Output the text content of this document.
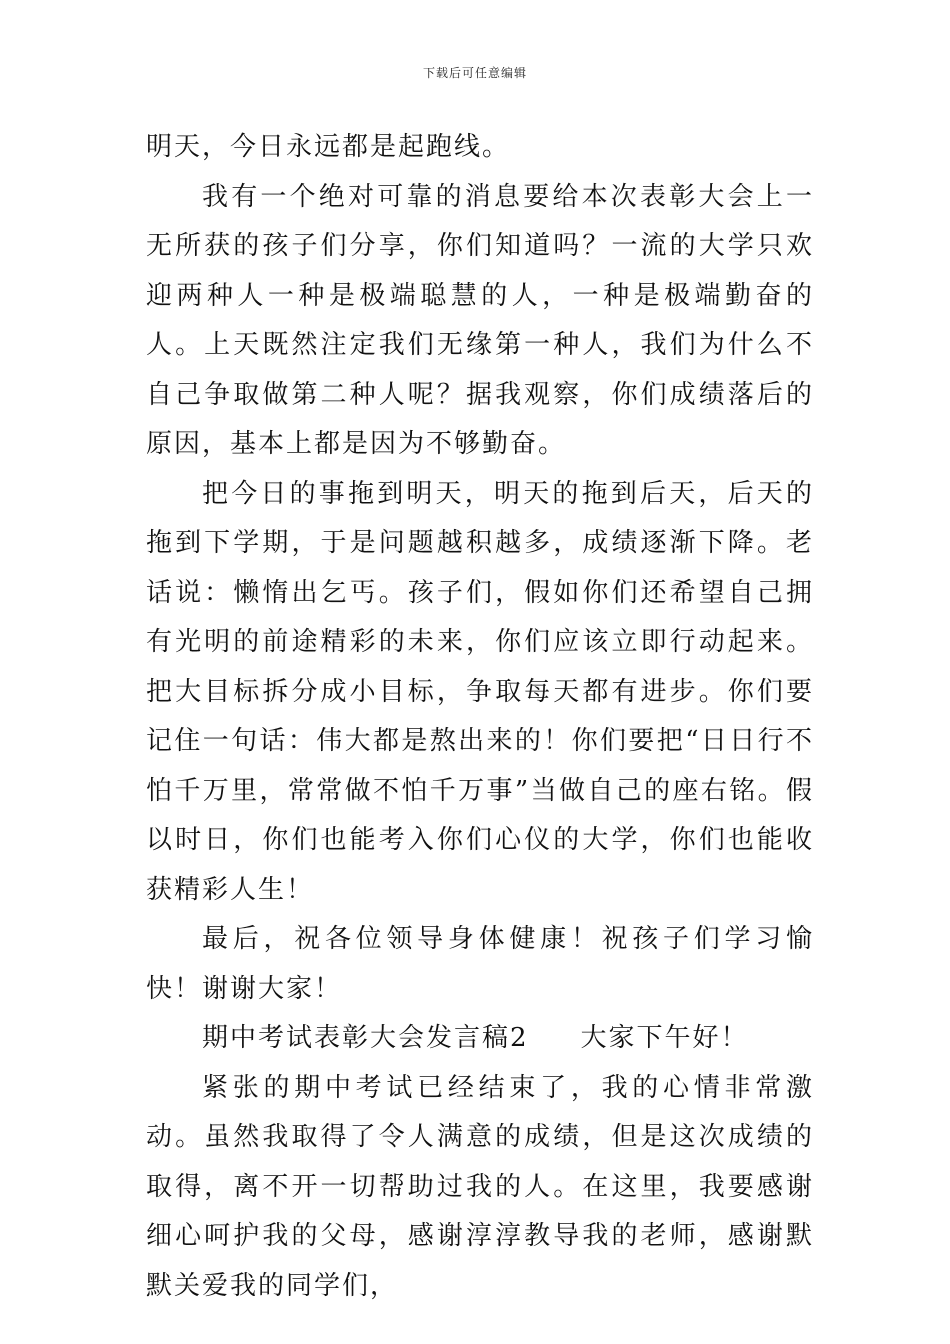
下载后可任意编辑

明天，今日永远都是起跑线。

我有一个绝对可靠的消息要给本次表彰大会上一无所获的孩子们分享，你们知道吗？一流的大学只欢迎两种人一种是极端聪慧的人，一种是极端勤奋的人。上天既然注定我们无缘第一种人，我们为什么不自己争取做第二种人呢？据我观察，你们成绩落后的原因，基本上都是因为不够勤奋。

把今日的事拖到明天，明天的拖到后天，后天的拖到下学期，于是问题越积越多，成绩逐渐下降。老话说：懒惰出乞丐。孩子们，假如你们还希望自己拥有光明的前途精彩的未来，你们应该立即行动起来。把大目标拆分成小目标，争取每天都有进步。你们要记住一句话：伟大都是熬出来的！你们要把“日日行不怕千万里，常常做不怕千万事”当做自己的座右铭。假以时日，你们也能考入你们心仪的大学，你们也能收获精彩人生！

最后，祝各位领导身体健康！祝孩子们学习愉快！谢谢大家！

期中考试表彰大会发言稿2 大家下午好！

紧张的期中考试已经结束了，我的心情非常激动。虽然我取得了令人满意的成绩，但是这次成绩的取得，离不开一切帮助过我的人。在这里，我要感谢细心呵护我的父母，感谢淳淳教导我的老师，感谢默默关爱我的同学们，
